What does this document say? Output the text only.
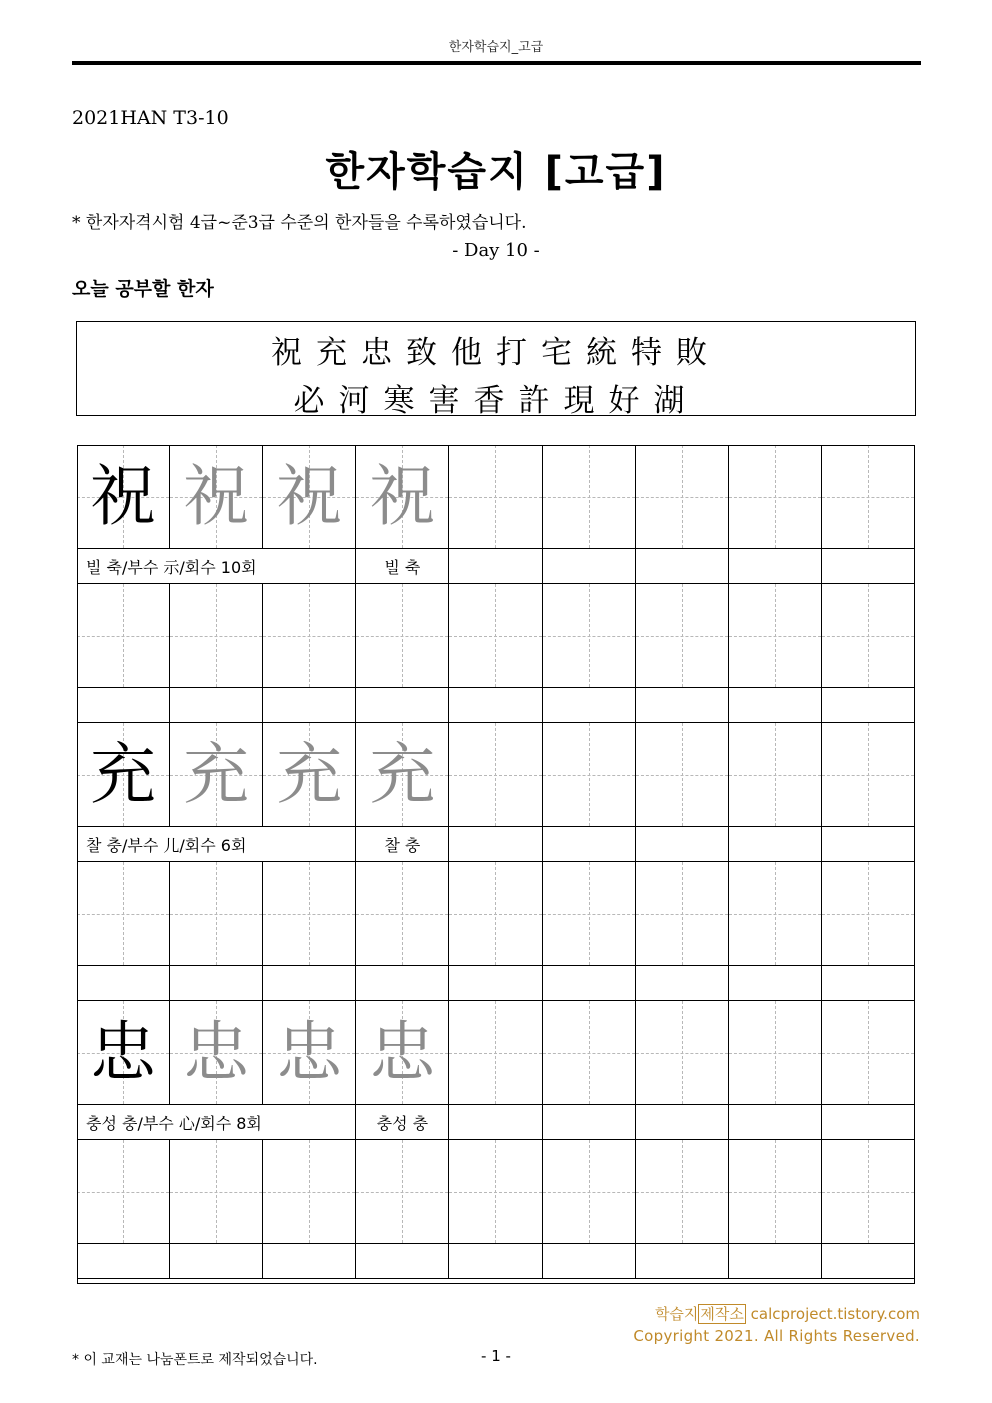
한자학습지_고급
2021HAN T3-10
한자학습지 [고급]
* 한자자격시험 4급~준3급 수준의 한자들을 수록하였습니다.
- Day 10 -
오늘 공부할 한자
祝充忠致他打宅統特敗
必河寒害香許現好湖
祝 祝 祝 祝
빌 축/부수 示/회수 10회	빌 축
充 充 充 充
찰 충/부수 儿/회수 6회	찰 충
忠 忠 忠 忠
충성 충/부수 心/회수 8회	충성 충
학습지 제작소 calcproject.tistory.com
Copyright 2021. All Rights Reserved.
* 이 교재는 나눔폰트로 제작되었습니다.	- 1 -
